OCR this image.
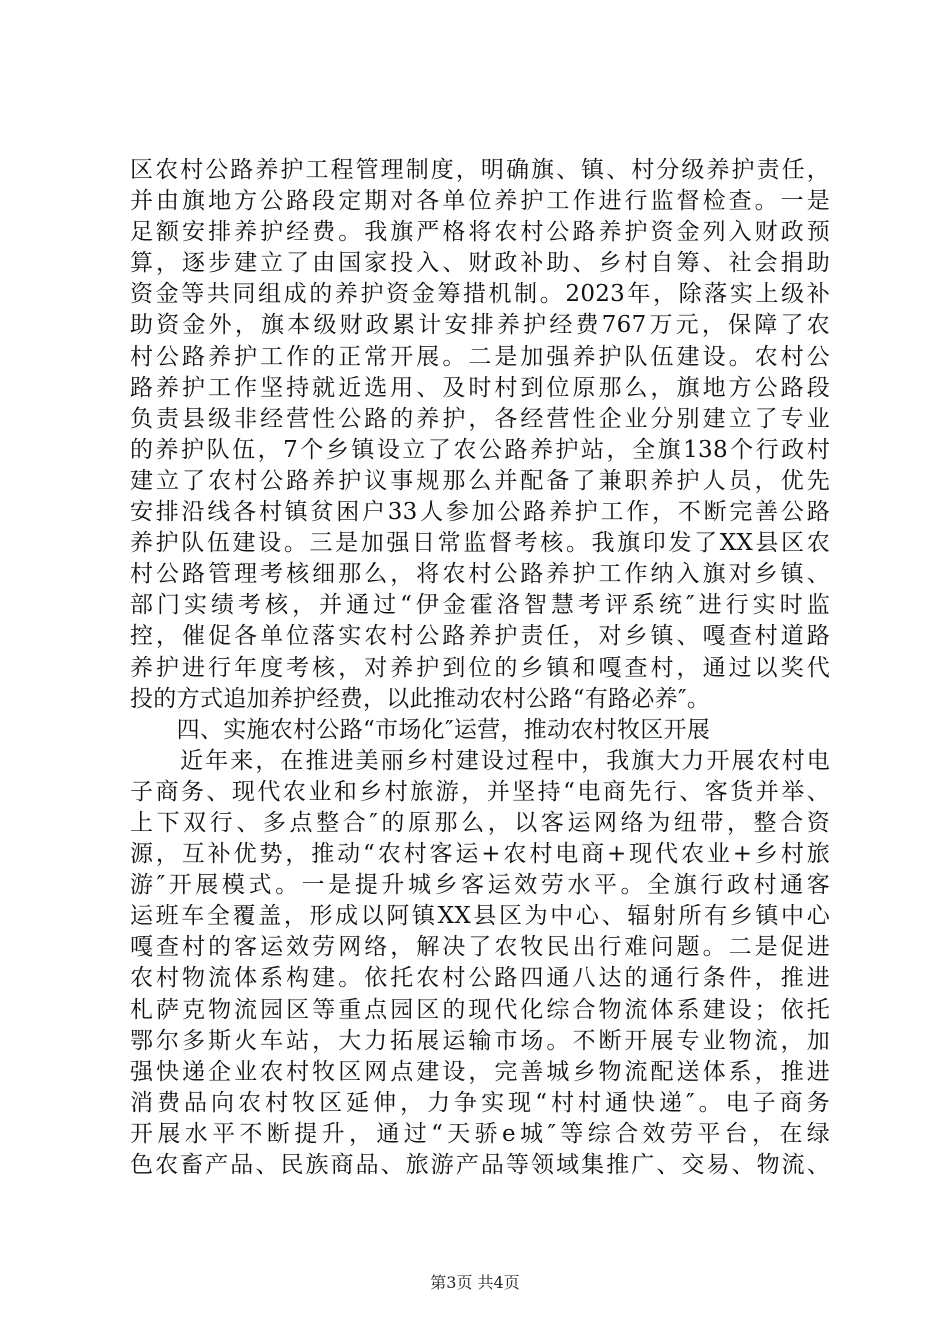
区农村公路养护工程管理制度，明确旗、镇、村分级养护责任，
并由旗地方公路段定期对各单位养护工作进行监督检查。一是
足额安排养护经费。我旗严格将农村公路养护资金列入财政预
算，逐步建立了由国家投入、财政补助、乡村自筹、社会捐助
资金等共同组成的养护资金筹措机制。2023年，除落实上级补
助资金外，旗本级财政累计安排养护经费767万元，保障了农
村公路养护工作的正常开展。二是加强养护队伍建设。农村公
路养护工作坚持就近选用、及时村到位原那么，旗地方公路段
负责县级非经营性公路的养护，各经营性企业分别建立了专业
的养护队伍，7个乡镇设立了农公路养护站，全旗138个行政村
建立了农村公路养护议事规那么并配备了兼职养护人员，优先
安排沿线各村镇贫困户33人参加公路养护工作，不断完善公路
养护队伍建设。三是加强日常监督考核。我旗印发了XX县区农
村公路管理考核细那么，将农村公路养护工作纳入旗对乡镇、
部门实绩考核，并通过“伊金霍洛智慧考评系统″进行实时监
控，催促各单位落实农村公路养护责任，对乡镇、嘎查村道路
养护进行年度考核，对养护到位的乡镇和嘎查村，通过以奖代
投的方式追加养护经费，以此推动农村公路“有路必养″。
　　四、实施农村公路“市场化″运营，推动农村牧区开展
　　近年来，在推进美丽乡村建设过程中，我旗大力开展农村电
子商务、现代农业和乡村旅游，并坚持“电商先行、客货并举、
上下双行、多点整合″的原那么，以客运网络为纽带，整合资
源，互补优势，推动“农村客运+农村电商+现代农业+乡村旅
游″开展模式。一是提升城乡客运效劳水平。全旗行政村通客
运班车全覆盖，形成以阿镇XX县区为中心、辐射所有乡镇中心
嘎查村的客运效劳网络，解决了农牧民出行难问题。二是促进
农村物流体系构建。依托农村公路四通八达的通行条件，推进
札萨克物流园区等重点园区的现代化综合物流体系建设；依托
鄂尔多斯火车站，大力拓展运输市场。不断开展专业物流，加
强快递企业农村牧区网点建设，完善城乡物流配送体系，推进
消费品向农村牧区延伸，力争实现“村村通快递″。电子商务
开展水平不断提升，通过“天骄e城″等综合效劳平台，在绿
色农畜产品、民族商品、旅游产品等领域集推广、交易、物流、
第3页 共4页
